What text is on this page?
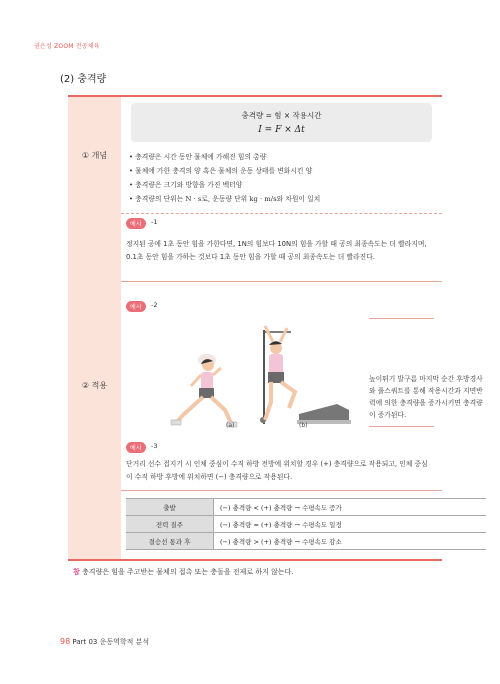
권은성 ZOOM 전공체육
(2) 충격량
① 개념
충격량 = 힘 × 작용시간
I = F × Δt
• 충격량은 시간 동안 물체에 가해진 힘의 총량
• 물체에 가한 충격의 양 혹은 물체의 운동 상태를 변화시킨 양
• 충격량은 크기와 방향을 가진 벡터양
• 충격량의 단위는 N · s로, 운동량 단위 kg · m/s와 차원이 일치
② 적용
예시	-1
정지된 공에 1초 동안 힘을 가한다면, 1N의 힘보다 10N의 힘을 가할 때 공의 최종속도는 더 빨라지며, 0.1초 동안 힘을 가하는 것보다 1초 동안 힘을 가할 때 공의 최종속도는 더 빨라진다.
예시	-2
(a)	(b)
높이뛰기 발구름 마지막 순간 후방경사와 풀스쿼트를 통해 작용시간과 지면반력에 의한 충격량을 증가시키면 충격량이 증가된다.
예시	-3
단거리 선수 접지기 시 인체 중심이 수직 하방 전방에 위치할 경우 (+) 충격량으로 작용되고, 인체 중심이 수직 하방 후방에 위치하면 (−) 충격량으로 작용된다.
출발	(−) 충격량 < (+) 충격량 → 수평속도 증가
전력 질주	(−) 충격량 = (+) 충격량 → 수평속도 일정
결승선 통과 후	(−) 충격량 > (+) 충격량 → 수평속도 감소
참 충격량은 힘을 주고받는 물체의 접촉 또는 충돌을 전제로 하지 않는다.
98 Part 03 운동역학적 분석
